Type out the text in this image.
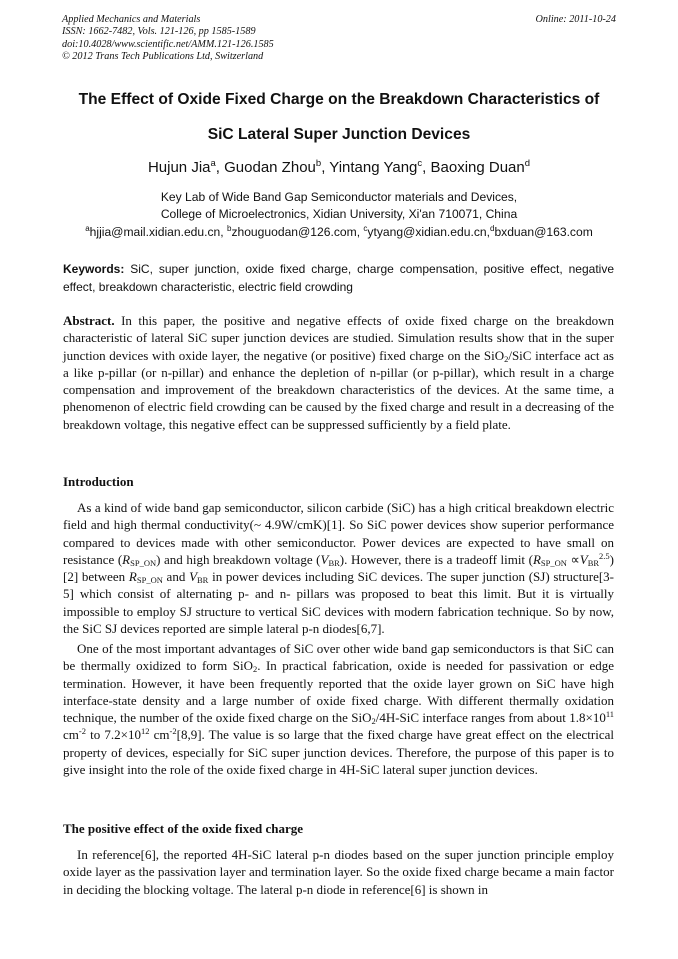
Applied Mechanics and Materials
ISSN: 1662-7482, Vols. 121-126, pp 1585-1589
doi:10.4028/www.scientific.net/AMM.121-126.1585
© 2012 Trans Tech Publications Ltd, Switzerland
Online: 2011-10-24
The Effect of Oxide Fixed Charge on the Breakdown Characteristics of
SiC Lateral Super Junction Devices
Hujun Jia$^a$, Guodan Zhou$^b$, Yintang Yang$^c$, Baoxing Duan$^d$
Key Lab of Wide Band Gap Semiconductor materials and Devices,
College of Microelectronics, Xidian University, Xi'an 710071, China
$^a$hjjia@mail.xidian.edu.cn, $^b$zhouguodan@126.com, $^c$ytyang@xidian.edu.cn,$^d$bxduan@163.com
Keywords: SiC, super junction, oxide fixed charge, charge compensation, positive effect, negative effect, breakdown characteristic, electric field crowding
Abstract. In this paper, the positive and negative effects of oxide fixed charge on the breakdown characteristic of lateral SiC super junction devices are studied. Simulation results show that in the super junction devices with oxide layer, the negative (or positive) fixed charge on the SiO$_2$/SiC interface act as a like p-pillar (or n-pillar) and enhance the depletion of n-pillar (or p-pillar), which result in a charge compensation and improvement of the breakdown characteristics of the devices. At the same time, a phenomenon of electric field crowding can be caused by the fixed charge and result in a decreasing of the breakdown voltage, this negative effect can be suppressed sufficiently by a field plate.
Introduction
As a kind of wide band gap semiconductor, silicon carbide (SiC) has a high critical breakdown electric field and high thermal conductivity(~ 4.9W/cmK)[1]. So SiC power devices show superior performance compared to devices made with other semiconductor. Power devices are expected to have small on resistance $(R_{SP\_ON})$ and high breakdown voltage $(V_{BR})$. However, there is a tradeoff limit $(R_{SP\_ON} \propto V_{BR}^{2.5})[2]$ between $R_{SP\_ON}$ and $V_{BR}$ in power devices including SiC devices. The super junction (SJ) structure[3-5] which consist of alternating p- and n- pillars was proposed to beat this limit. But it is virtually impossible to employ SJ structure to vertical SiC devices with modern fabrication technique. So by now, the SiC SJ devices reported are simple lateral p-n diodes[6,7].
One of the most important advantages of SiC over other wide band gap semiconductors is that SiC can be thermally oxidized to form SiO$_2$. In practical fabrication, oxide is needed for passivation or edge termination. However, it have been frequently reported that the oxide layer grown on SiC have high interface-state density and a large number of oxide fixed charge. With different thermally oxidation technique, the number of the oxide fixed charge on the SiO$_2$/4H-SiC interface ranges from about $1.8\times 10^{11}$ $cm^{-2}$ to $7.2\times 10^{12}$ $cm^{-2}[8,9]$. The value is so large that the fixed charge have great effect on the electrical property of devices, especially for SiC super junction devices. Therefore, the purpose of this paper is to give insight into the role of the oxide fixed charge in 4H-SiC lateral super junction devices.
The positive effect of the oxide fixed charge
In reference[6], the reported 4H-SiC lateral p-n diodes based on the super junction principle employ oxide layer as the passivation layer and termination layer. So the oxide fixed charge became a main factor in deciding the blocking voltage. The lateral p-n diode in reference[6] is shown in
